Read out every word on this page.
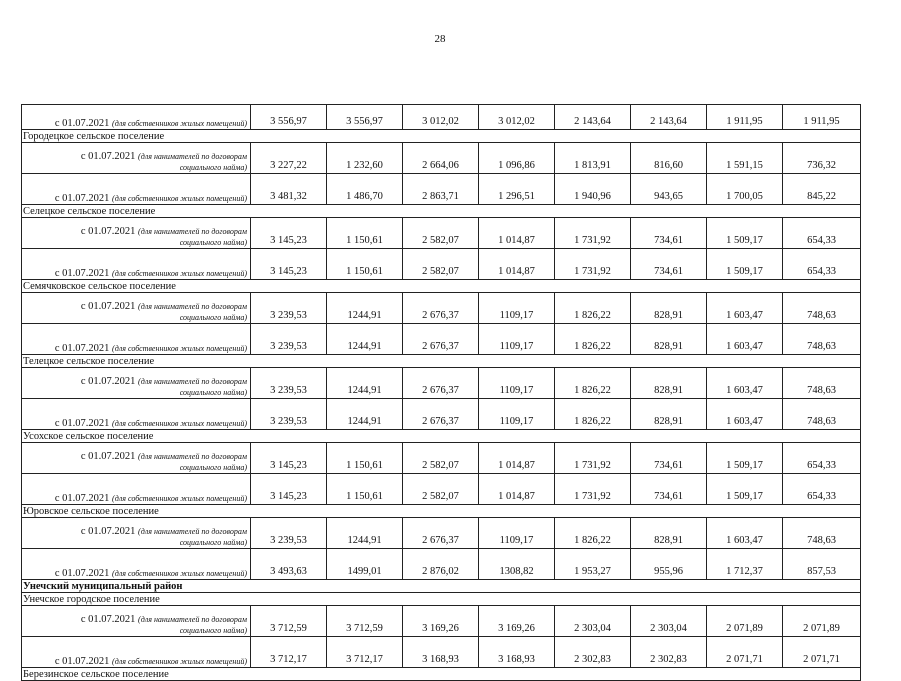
28
с 01.07.2021 (для собственников жилых помещений)	3 556,97	3 556,97	3 012,02	3 012,02	2 143,64	2 143,64	1 911,95	1 911,95
Городецкое сельское поселение								

с 01.07.2021 (для нанимателей по договорам
социального найма)	3 227,22	1 232,60	2 664,06	1 096,86	1 813,91	816,60	1 591,15	736,32
с 01.07.2021 (для собственников жилых помещений)	3 481,32	1 486,70	2 863,71	1 296,51	1 940,96	943,65	1 700,05	845,22
Селецкое сельское поселение								

с 01.07.2021 (для нанимателей по договорам
социального найма)	3 145,23	1 150,61	2 582,07	1 014,87	1 731,92	734,61	1 509,17	654,33
с 01.07.2021 (для собственников жилых помещений)	3 145,23	1 150,61	2 582,07	1 014,87	1 731,92	734,61	1 509,17	654,33
Семячковское сельское поселение								

с 01.07.2021 (для нанимателей по договорам
социального найма)	3 239,53	1244,91	2 676,37	1109,17	1 826,22	828,91	1 603,47	748,63
с 01.07.2021 (для собственников жилых помещений)	3 239,53	1244,91	2 676,37	1109,17	1 826,22	828,91	1 603,47	748,63
Телецкое сельское поселение								

с 01.07.2021 (для нанимателей по договорам
социального найма)	3 239,53	1244,91	2 676,37	1109,17	1 826,22	828,91	1 603,47	748,63
с 01.07.2021 (для собственников жилых помещений)	3 239,53	1244,91	2 676,37	1109,17	1 826,22	828,91	1 603,47	748,63
Усохское сельское поселение								

с 01.07.2021 (для нанимателей по договорам
социального найма)	3 145,23	1 150,61	2 582,07	1 014,87	1 731,92	734,61	1 509,17	654,33
с 01.07.2021 (для собственников жилых помещений)	3 145,23	1 150,61	2 582,07	1 014,87	1 731,92	734,61	1 509,17	654,33
Юровское сельское поселение								

с 01.07.2021 (для нанимателей по договорам
социального найма)	3 239,53	1244,91	2 676,37	1109,17	1 826,22	828,91	1 603,47	748,63
с 01.07.2021 (для собственников жилых помещений)	3 493,63	1499,01	2 876,02	1308,82	1 953,27	955,96	1 712,37	857,53
Унечский муниципальный район								
Унечское городское поселение								

с 01.07.2021 (для нанимателей по договорам
социального найма)	3 712,59	3 712,59	3 169,26	3 169,26	2 303,04	2 303,04	2 071,89	2 071,89
с 01.07.2021 (для собственников жилых помещений)	3 712,17	3 712,17	3 168,93	3 168,93	2 302,83	2 302,83	2 071,71	2 071,71
Березинское сельское поселение								
